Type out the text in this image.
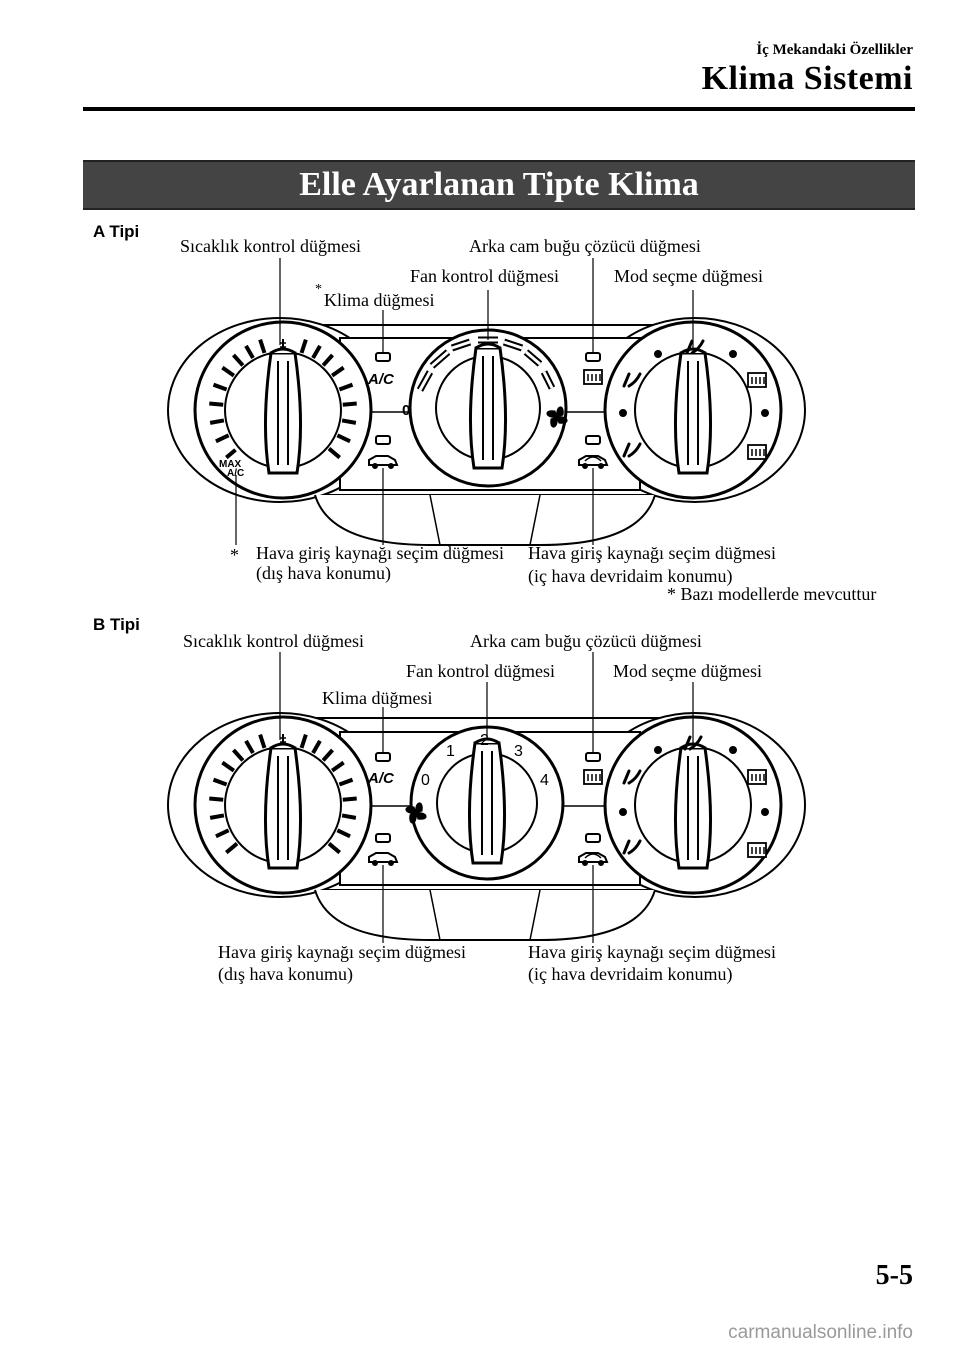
İç Mekandaki Özellikler
Klima Sistemi
Elle Ayarlanan Tipte Klima
A/C
0
MAX
A/C
A/C 0
1
2
3
4
A Tipi
Sıcaklık kontrol düğmesi	Arka cam buğu çözücü düğmesi
Fan kontrol düğmesi	Mod seçme düğmesi
*
Klima düğmesi
* Hava giriş kaynağı seçim düğmesi
(dış hava konumu)
Hava giriş kaynağı seçim düğmesi
(iç hava devridaim konumu)
* Bazı modellerde mevcuttur
B Tipi
Sıcaklık kontrol düğmesi	Arka cam buğu çözücü düğmesi
Fan kontrol düğmesi	Mod seçme düğmesi
Klima düğmesi
Hava giriş kaynağı seçim düğmesi
(dış hava konumu)
Hava giriş kaynağı seçim düğmesi
(iç hava devridaim konumu)
5-5
carmanualsonline.info
